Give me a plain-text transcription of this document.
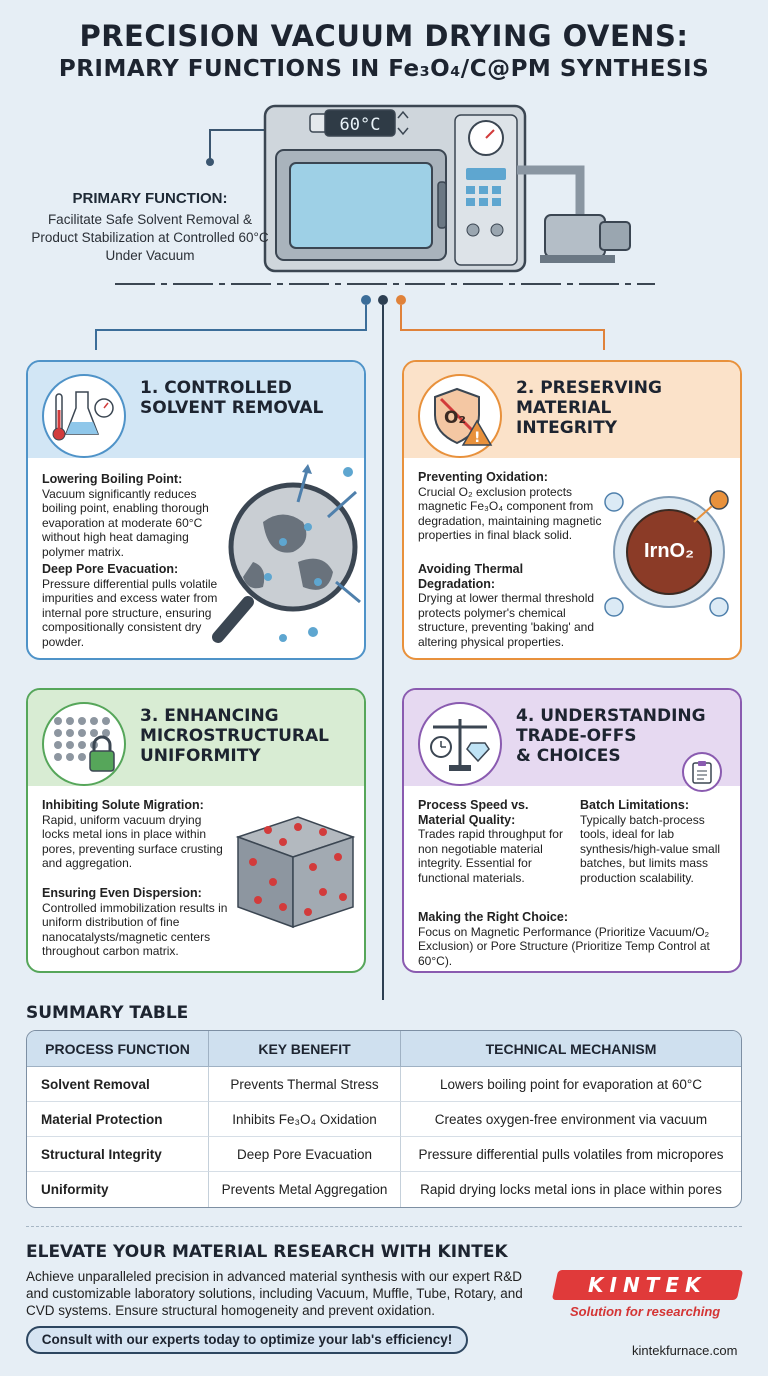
PRECISION VACUUM DRYING OVENS:
PRIMARY FUNCTIONS IN Fe₃O₄/C@PM SYNTHESIS
60°C
PRIMARY FUNCTION:
Facilitate Safe Solvent Removal & Product Stabilization at Controlled 60°C Under Vacuum
1. CONTROLLED
SOLVENT REMOVAL
Lowering Boiling Point:
Vacuum significantly reduces boiling point, enabling thorough evaporation at moderate 60°C without high heat damaging polymer matrix.
Deep Pore Evacuation:
Pressure differential pulls volatile impurities and excess water from internal pore structure, ensuring compositionally consistent dry powder.
O₂
!
2. PRESERVING
MATERIAL
INTEGRITY
Preventing Oxidation:
Crucial O₂ exclusion protects magnetic Fe₃O₄ component from degradation, maintaining magnetic properties in final black solid.
Avoiding Thermal Degradation:
Drying at lower thermal threshold protects polymer's chemical structure, preventing 'baking' and altering physical properties.
IrnO₂
3. ENHANCING
MICROSTRUCTURAL
UNIFORMITY
Inhibiting Solute Migration:
Rapid, uniform vacuum drying locks metal ions in place within pores, preventing surface crusting and aggregation.
Ensuring Even Dispersion:
Controlled immobilization results in uniform distribution of fine nanocatalysts/magnetic centers throughout carbon matrix.
4. UNDERSTANDING
TRADE-OFFS
& CHOICES
Process Speed vs. Material Quality:
Trades rapid throughput for non negotiable material integrity. Essential for functional materials.
Batch Limitations:
Typically batch-process tools, ideal for lab synthesis/high-value small batches, but limits mass production scalability.
Making the Right Choice:
Focus on Magnetic Performance (Prioritize Vacuum/O₂ Exclusion) or Pore Structure (Prioritize Temp Control at 60°C).
SUMMARY TABLE
PROCESS FUNCTION	KEY BENEFIT	TECHNICAL MECHANISM
Solvent Removal	Prevents Thermal Stress	Lowers boiling point for evaporation at 60°C
Material Protection	Inhibits Fe₃O₄ Oxidation	Creates oxygen-free environment via vacuum
Structural Integrity	Deep Pore Evacuation	Pressure differential pulls volatiles from micropores
Uniformity	Prevents Metal Aggregation	Rapid drying locks metal ions in place within pores
ELEVATE YOUR MATERIAL RESEARCH WITH KINTEK
Achieve unparalleled precision in advanced material synthesis with our expert R&D and customizable laboratory solutions, including Vacuum, Muffle, Tube, Rotary, and CVD systems. Ensure structural homogeneity and prevent oxidation.
Consult with our experts today to optimize your lab's efficiency!
KINTEK
Solution for researching
kintekfurnace.com
